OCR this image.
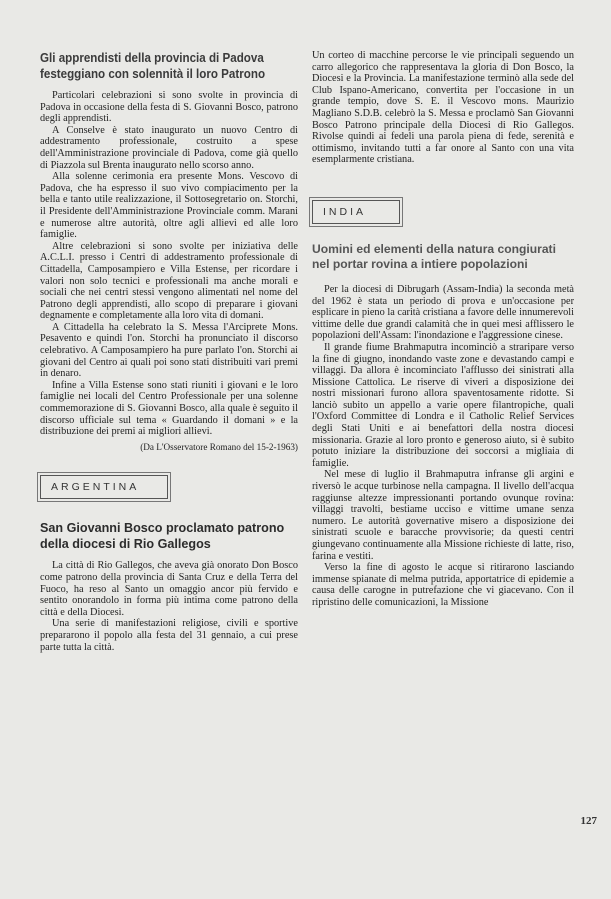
Gli apprendisti della provincia di Padova festeggiano con solennità il loro Patrono

Particolari celebrazioni si sono svolte in provincia di Padova in occasione della festa di S. Giovanni Bosco, patrono degli apprendisti.

A Conselve è stato inaugurato un nuovo Centro di addestramento professionale, costruito a spese dell'Amministrazione provinciale di Padova, come già quello di Piazzola sul Brenta inaugurato nello scorso anno.

Alla solenne cerimonia era presente Mons. Vescovo di Padova, che ha espresso il suo vivo compiacimento per la bella e tanto utile realizzazione, il Sottosegretario on. Storchi, il Presidente dell'Amministrazione Provinciale comm. Marani e numerose altre autorità, oltre agli allievi ed alle loro famiglie.

Altre celebrazioni si sono svolte per iniziativa delle A.C.L.I. presso i Centri di addestramento professionale di Cittadella, Camposampiero e Villa Estense, per ricordare i valori non solo tecnici e professionali ma anche morali e sociali che nei centri stessi vengono alimentati nel nome del Patrono degli apprendisti, allo scopo di preparare i giovani degnamente e completamente alla loro vita di domani.

A Cittadella ha celebrato la S. Messa l'Arciprete Mons. Pesavento e quindi l'on. Storchi ha pronunciato il discorso celebrativo. A Camposampiero ha pure parlato l'on. Storchi ai giovani del Centro ai quali poi sono stati distribuiti vari premi in denaro.

Infine a Villa Estense sono stati riuniti i giovani e le loro famiglie nei locali del Centro Professionale per una solenne commemorazione di S. Giovanni Bosco, alla quale è seguito il discorso ufficiale sul tema « Guardando il domani » e la distribuzione dei premi ai migliori allievi.

(Da L'Osservatore Romano del 15-2-1963)

ARGENTINA
San Giovanni Bosco proclamato patrono della diocesi di Rio Gallegos

La città di Rio Gallegos, che aveva già onorato Don Bosco come patrono della provincia di Santa Cruz e della Terra del Fuoco, ha reso al Santo un omaggio ancor più fervido e sentito onorandolo in forma più intima come patrono della città e della Diocesi.

Una serie di manifestazioni religiose, civili e sportive prepararono il popolo alla festa del 31 gennaio, a cui prese parte tutta la città.

Un corteo di macchine percorse le vie principali seguendo un carro allegorico che rappresentava la gloria di Don Bosco, la Diocesi e la Provincia. La manifestazione terminò alla sede del Club Ispano-Americano, convertita per l'occasione in un grande tempio, dove S. E. il Vescovo mons. Maurizio Magliano S.D.B. celebrò la S. Messa e proclamò San Giovanni Bosco Patrono principale della Diocesi di Rio Gallegos. Rivolse quindi ai fedeli una parola piena di fede, serenità e ottimismo, invitando tutti a far onore al Santo con una vita esemplarmente cristiana.

INDIA
Uomini ed elementi della natura congiurati nel portar rovina a intiere popolazioni

Per la diocesi di Dibrugarh (Assam-India) la seconda metà del 1962 è stata un periodo di prova e un'occasione per esplicare in pieno la carità cristiana a favore delle innumerevoli vittime delle due grandi calamità che in quei mesi afflissero le popolazioni dell'Assam: l'inondazione e l'aggressione cinese.

Il grande fiume Brahmaputra incominciò a straripare verso la fine di giugno, inondando vaste zone e devastando campi e villaggi. Da allora è incominciato l'afflusso dei sinistrati alla Missione Cattolica. Le riserve di viveri a disposizione dei nostri missionari furono allora spaventosamente ridotte. Si lanciò subito un appello a varie opere filantropiche, quali l'Oxford Committee di Londra e il Catholic Relief Services degli Stati Uniti e ai benefattori della nostra diocesi missionaria. Grazie al loro pronto e generoso aiuto, si è subito potuto iniziare la distribuzione dei soccorsi a migliaia di famiglie.

Nel mese di luglio il Brahmaputra infranse gli argini e riversò le acque turbinose nella campagna. Il livello dell'acqua raggiunse altezze impressionanti portando ovunque rovina: villaggi travolti, bestiame ucciso e vittime umane senza numero. Le autorità governative misero a disposizione dei sinistrati scuole e baracche provvisorie; da questi centri giungevano continuamente alla Missione richieste di latte, riso, farina e vestiti.

Verso la fine di agosto le acque si ritirarono lasciando immense spianate di melma putrida, apportatrice di epidemie a causa delle carogne in putrefazione che vi giacevano. Con il ripristino delle comunicazioni, la Missione

127
